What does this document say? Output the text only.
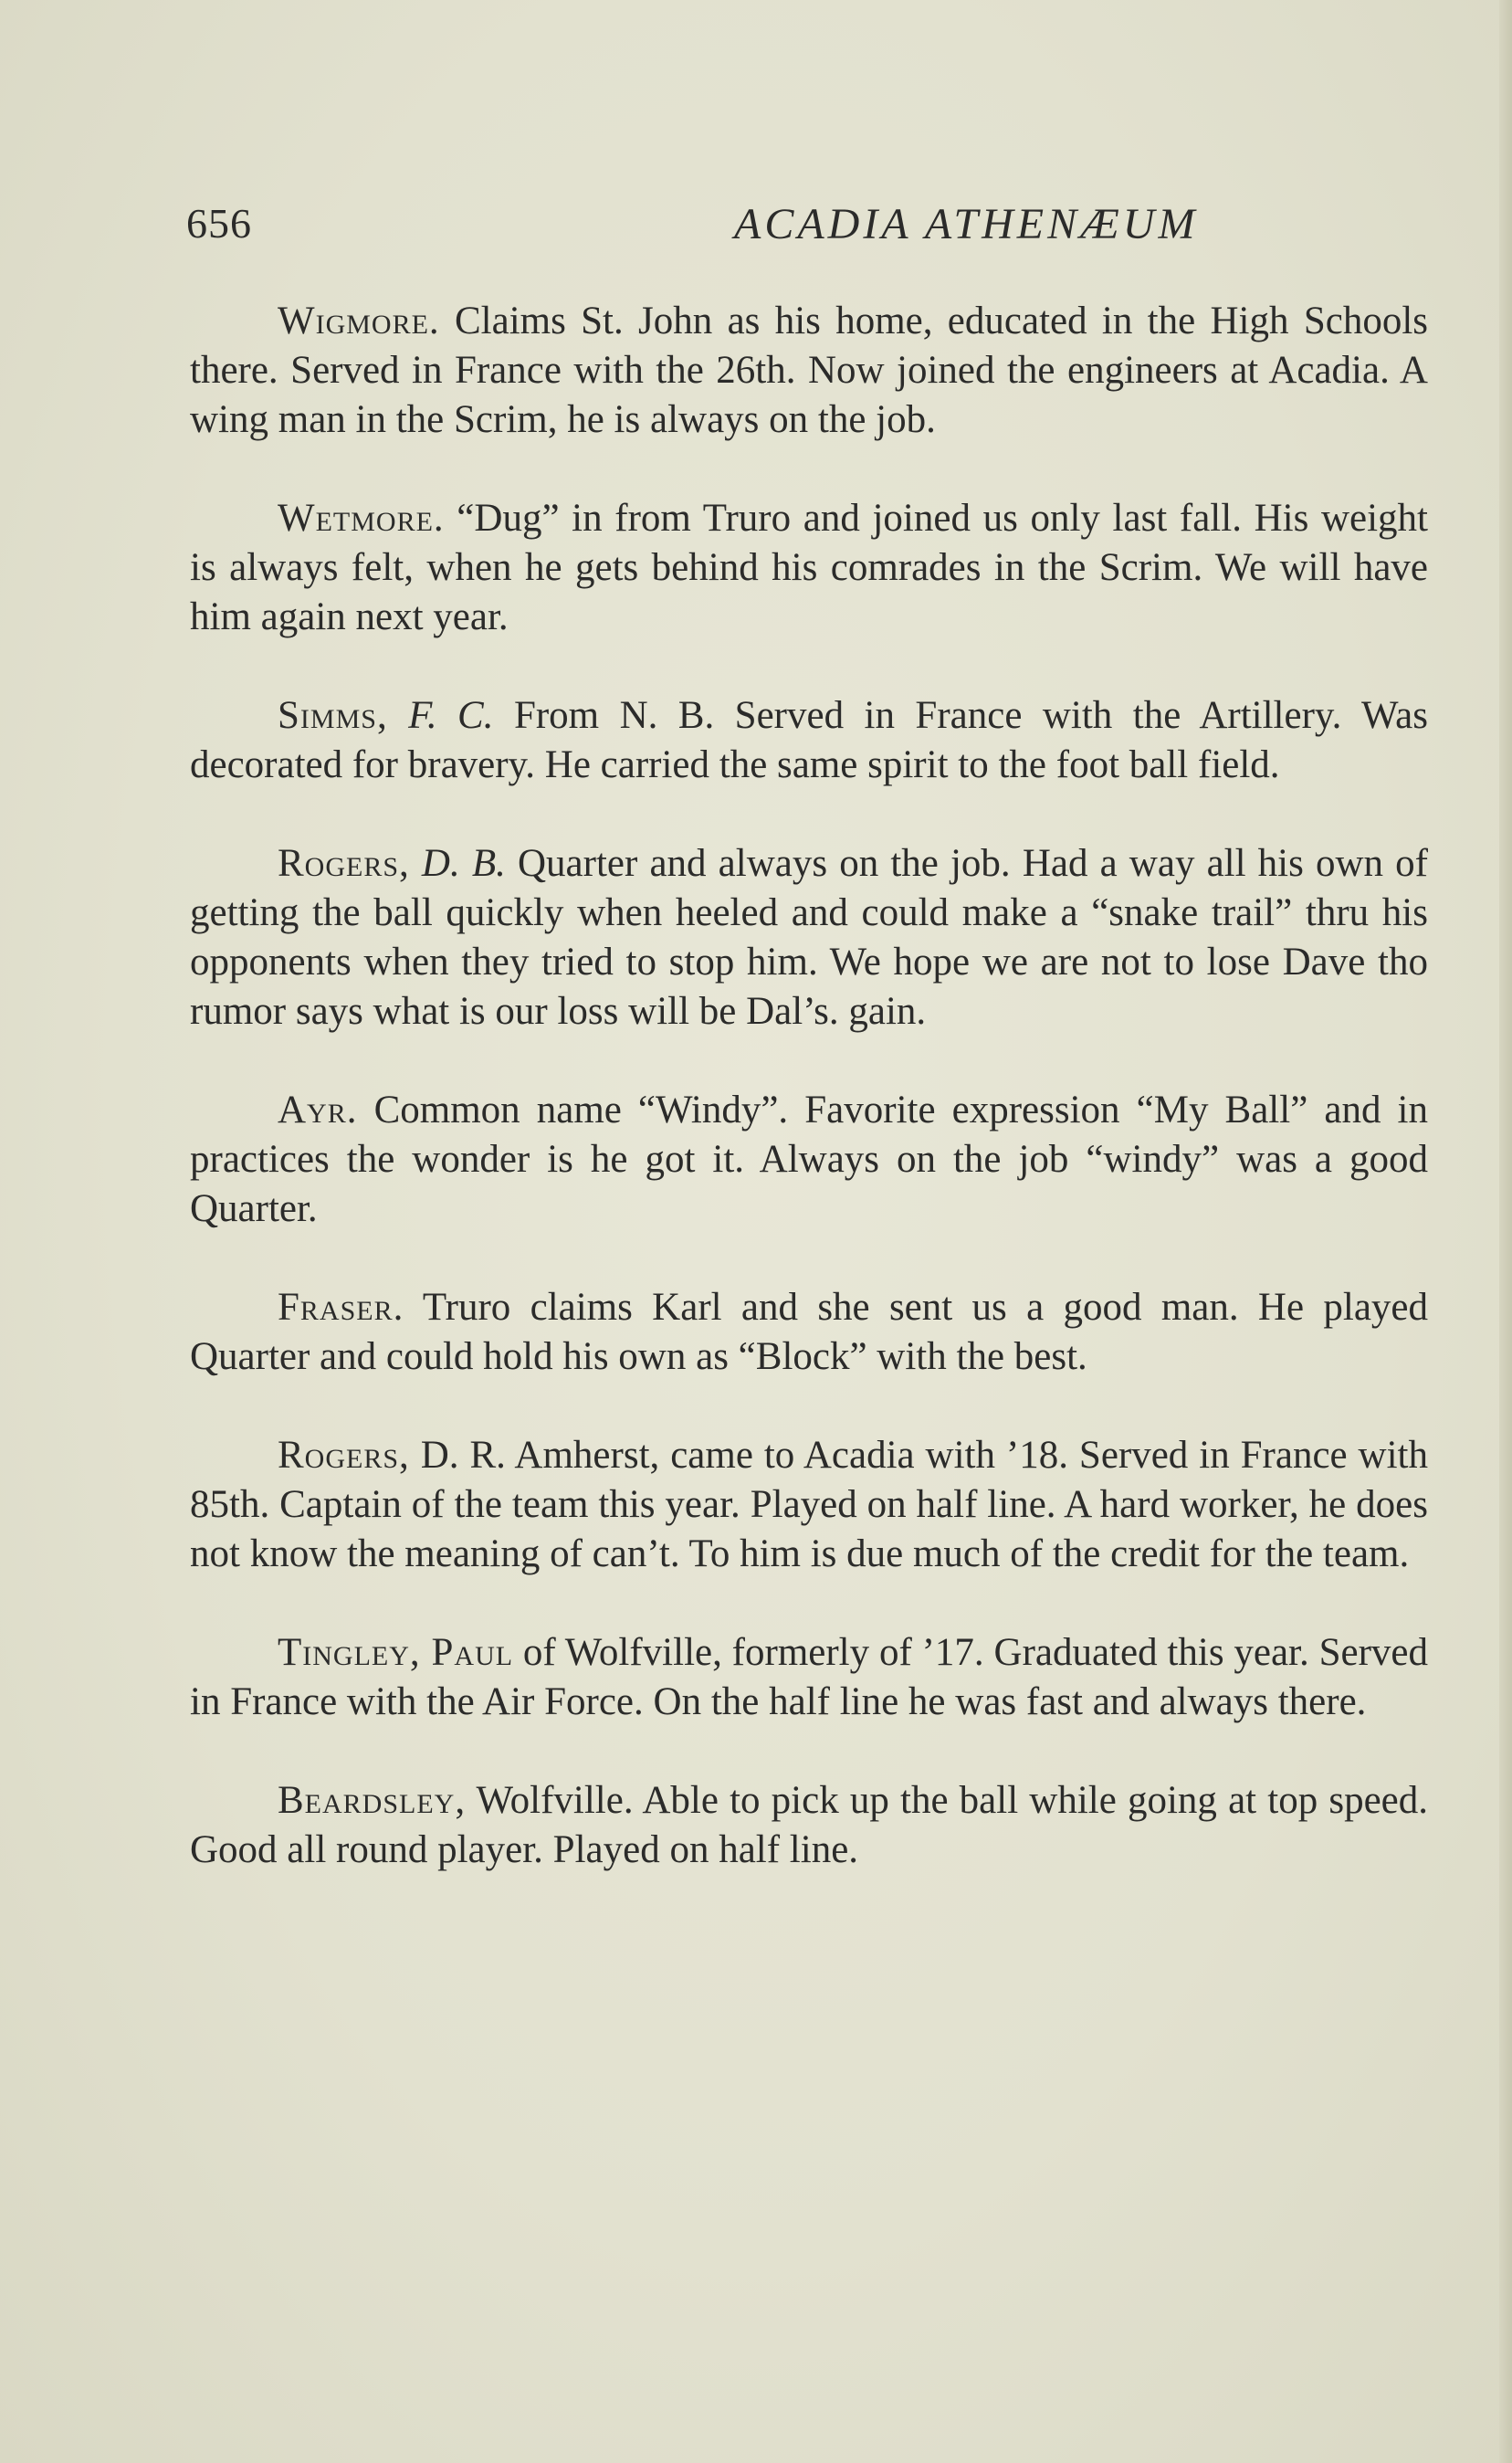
656	ACADIA ATHENÆUM

Wigmore. Claims St. John as his home, educated in the High Schools there. Served in France with the 26th. Now joined the engineers at Acadia. A wing man in the Scrim, he is always on the job.

Wetmore. “Dug” in from Truro and joined us only last fall. His weight is always felt, when he gets behind his comrades in the Scrim. We will have him again next year.

Simms, F. C. From N. B. Served in France with the Artillery. Was decorated for bravery. He carried the same spirit to the foot ball field.

Rogers, D. B. Quarter and always on the job. Had a way all his own of getting the ball quickly when heeled and could make a “snake trail” thru his opponents when they tried to stop him. We hope we are not to lose Dave tho rumor says what is our loss will be Dal’s. gain.

Ayr. Common name “Windy”. Favorite expression “My Ball” and in practices the wonder is he got it. Always on the job “windy” was a good Quarter.

Fraser. Truro claims Karl and she sent us a good man. He played Quarter and could hold his own as “Block” with the best.

Rogers, D. R. Amherst, came to Acadia with ’18. Served in France with 85th. Captain of the team this year. Played on half line. A hard worker, he does not know the meaning of can’t. To him is due much of the credit for the team.

Tingley, Paul of Wolfville, formerly of ’17. Graduated this year. Served in France with the Air Force. On the half line he was fast and always there.

Beardsley, Wolfville. Able to pick up the ball while going at top speed. Good all round player. Played on half line.
